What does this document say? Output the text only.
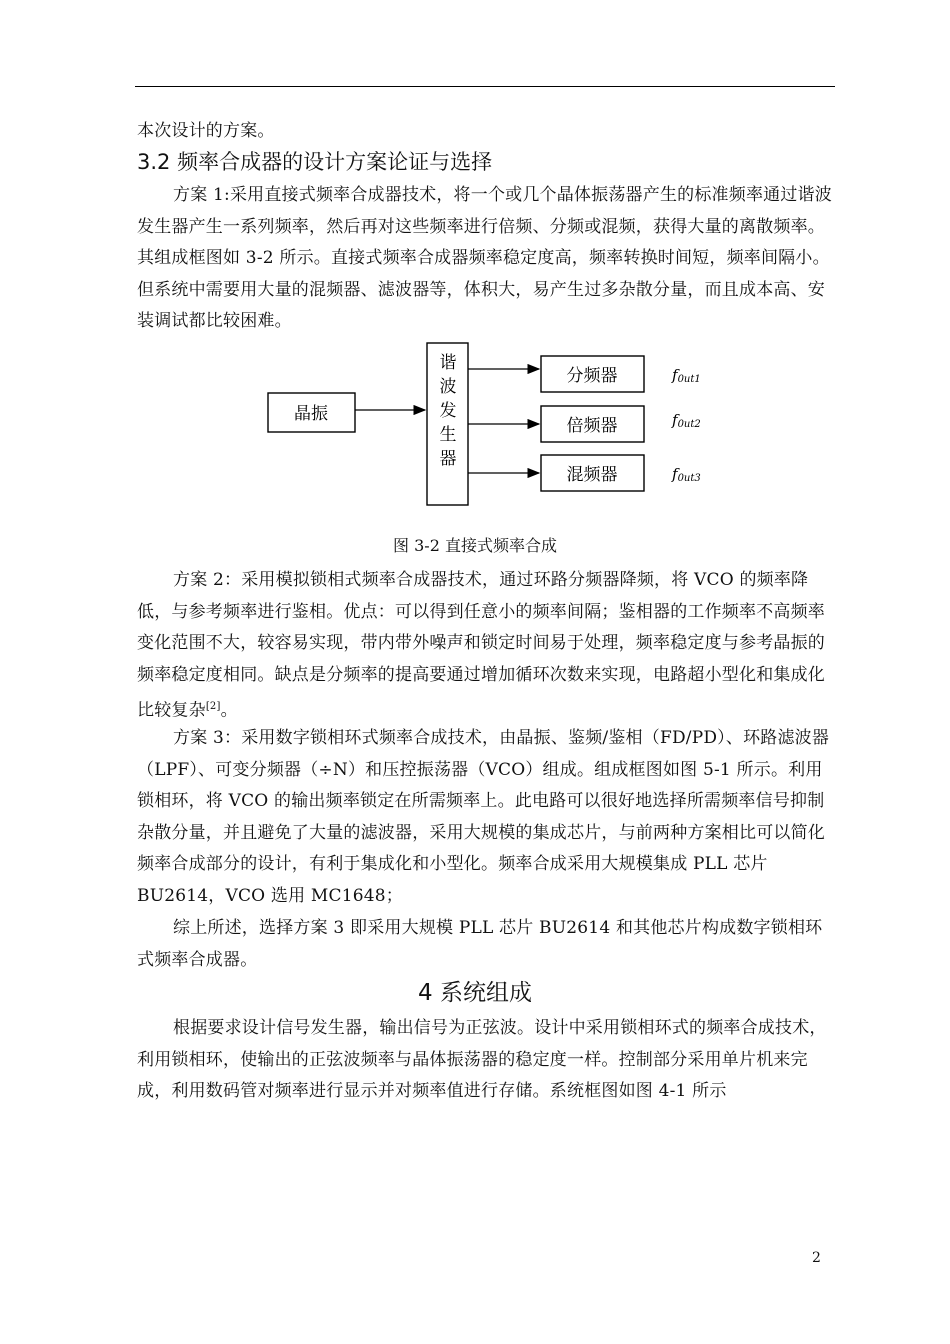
本次设计的方案。

3.2 频率合成器的设计方案论证与选择

方案 1:采用直接式频率合成器技术，将一个或几个晶体振荡器产生的标准频率通过谐波发生器产生一系列频率，然后再对这些频率进行倍频、分频或混频，获得大量的离散频率。其组成框图如 3-2 所示。直接式频率合成器频率稳定度高，频率转换时间短，频率间隔小。但系统中需要用大量的混频器、滤波器等，体积大，易产生过多杂散分量，而且成本高、安装调试都比较困难。

晶振
谐
波
发
生
器
分频器
倍频器
混频器
f0ut1
f0ut2
f0ut3

图 3-2 直接式频率合成

方案 2：采用模拟锁相式频率合成器技术，通过环路分频器降频，将 VCO 的频率降低，与参考频率进行鉴相。优点：可以得到任意小的频率间隔；鉴相器的工作频率不高频率变化范围不大，较容易实现，带内带外噪声和锁定时间易于处理，频率稳定度与参考晶振的频率稳定度相同。缺点是分频率的提高要通过增加循环次数来实现，电路超小型化和集成化比较复杂[2]。

方案 3：采用数字锁相环式频率合成技术，由晶振、鉴频/鉴相（FD/PD）、环路滤波器（LPF）、可变分频器（÷N）和压控振荡器（VCO）组成。组成框图如图 5-1 所示。利用锁相环，将 VCO 的输出频率锁定在所需频率上。此电路可以很好地选择所需频率信号抑制杂散分量，并且避免了大量的滤波器，采用大规模的集成芯片，与前两种方案相比可以简化频率合成部分的设计，有利于集成化和小型化。频率合成采用大规模集成 PLL 芯片 BU2614，VCO 选用 MC1648；

综上所述，选择方案 3 即采用大规模 PLL 芯片 BU2614 和其他芯片构成数字锁相环式频率合成器。

4 系统组成

根据要求设计信号发生器，输出信号为正弦波。设计中采用锁相环式的频率合成技术，利用锁相环，使输出的正弦波频率与晶体振荡器的稳定度一样。控制部分采用单片机来完成，利用数码管对频率进行显示并对频率值进行存储。系统框图如图 4-1 所示

2
